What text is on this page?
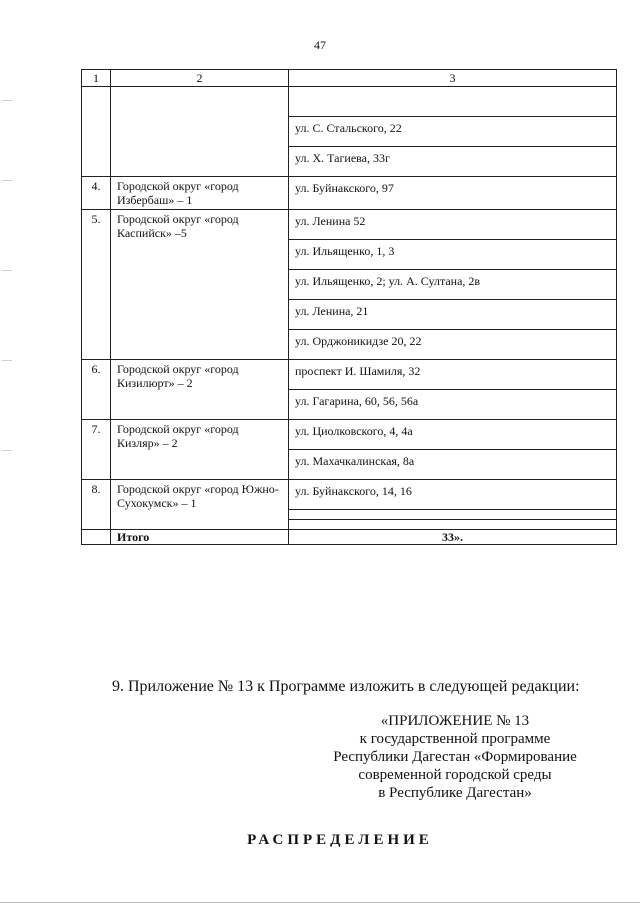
47
1	2	3

		ул. С. Стальского, 22
ул. Х. Тагиева, 33г

4.	Городской округ «город Избербаш» – 1	ул. Буйнакского, 97

5.	Городской округ «город Каспийск» –5	ул. Ленина 52
ул. Ильященко, 1, 3
ул. Ильященко, 2; ул. А. Султана, 2в
ул. Ленина, 21
ул. Орджоникидзе 20, 22

6.	Городской округ «город Кизилюрт» – 2	проспект И. Шамиля, 32
ул. Гагарина, 60, 56, 56а

7.	Городской округ «город Кизляр» – 2	ул. Циолковского, 4, 4а
ул. Махачкалинская, 8а

8.	Городской округ «город Южно-Сухокумск» – 1	ул. Буйнакского, 14, 16

	Итого	33».
9. Приложение № 13 к Программе изложить в следующей редакции:
«ПРИЛОЖЕНИЕ № 13
к государственной программе
Республики Дагестан «Формирование
современной городской среды
в Республике Дагестан»
РАСПРЕДЕЛЕНИЕ
